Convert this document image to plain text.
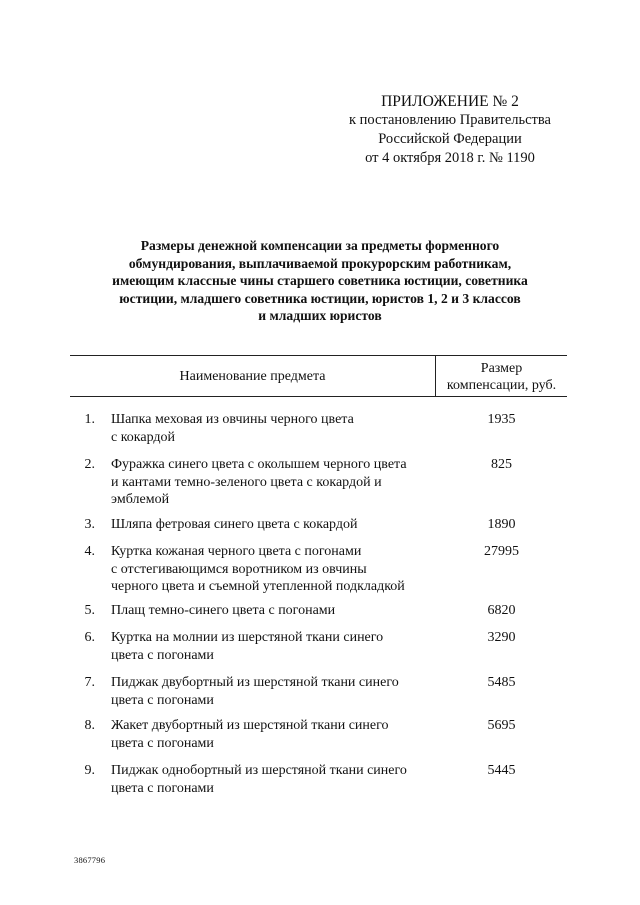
ПРИЛОЖЕНИЕ № 2
к постановлению Правительства
Российской Федерации
от 4 октября 2018 г. № 1190
Размеры денежной компенсации за предметы форменного
обмундирования, выплачиваемой прокурорским работникам,
имеющим классные чины старшего советника юстиции, советника
юстиции, младшего советника юстиции, юристов 1, 2 и 3 классов
и младших юристов
Наименование предмета
Размер
компенсации, руб.
1. Шапка меховая из овчины черного цвета
с кокардой
1935
2. Фуражка синего цвета с околышем черного цвета
и кантами темно-зеленого цвета с кокардой и
эмблемой
825
3. Шляпа фетровая синего цвета с кокардой	1890
4. Куртка кожаная черного цвета с погонами
с отстегивающимся воротником из овчины
черного цвета и съемной утепленной подкладкой
27995
5. Плащ темно-синего цвета с погонами	6820
6. Куртка на молнии из шерстяной ткани синего
цвета с погонами
3290
7. Пиджак двубортный из шерстяной ткани синего
цвета с погонами
5485
8. Жакет двубортный из шерстяной ткани синего
цвета с погонами
5695
9. Пиджак однобортный из шерстяной ткани синего
цвета с погонами
5445
3867796
